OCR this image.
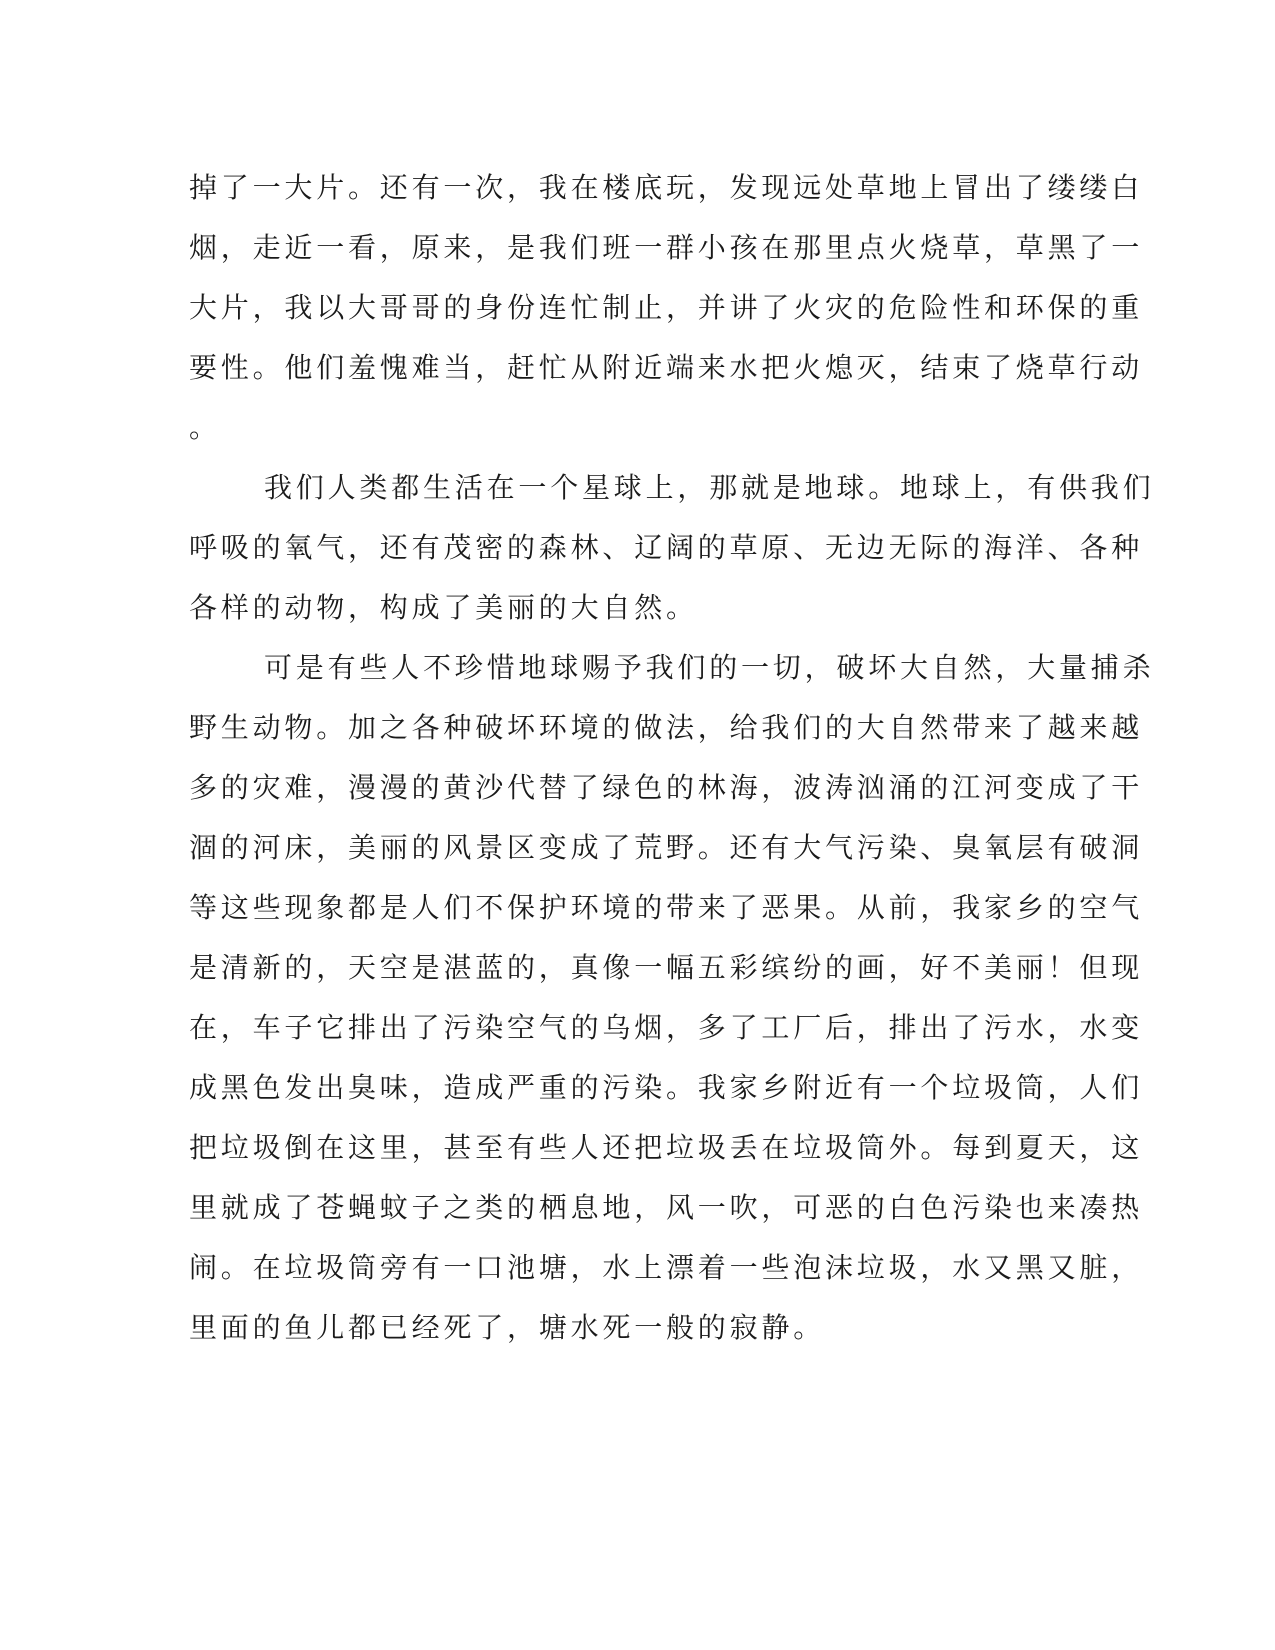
掉了一大片。还有一次，我在楼底玩，发现远处草地上冒出了缕缕白
烟，走近一看，原来，是我们班一群小孩在那里点火烧草，草黑了一
大片，我以大哥哥的身份连忙制止，并讲了火灾的危险性和环保的重
要性。他们羞愧难当，赶忙从附近端来水把火熄灭，结束了烧草行动
。
我们人类都生活在一个星球上，那就是地球。地球上，有供我们
呼吸的氧气，还有茂密的森林、辽阔的草原、无边无际的海洋、各种
各样的动物，构成了美丽的大自然。
可是有些人不珍惜地球赐予我们的一切，破坏大自然，大量捕杀
野生动物。加之各种破坏环境的做法，给我们的大自然带来了越来越
多的灾难，漫漫的黄沙代替了绿色的林海，波涛汹涌的江河变成了干
涸的河床，美丽的风景区变成了荒野。还有大气污染、臭氧层有破洞
等这些现象都是人们不保护环境的带来了恶果。从前，我家乡的空气
是清新的，天空是湛蓝的，真像一幅五彩缤纷的画，好不美丽！但现
在，车子它排出了污染空气的乌烟，多了工厂后，排出了污水，水变
成黑色发出臭味，造成严重的污染。我家乡附近有一个垃圾筒，人们
把垃圾倒在这里，甚至有些人还把垃圾丢在垃圾筒外。每到夏天，这
里就成了苍蝇蚊子之类的栖息地，风一吹，可恶的白色污染也来凑热
闹。在垃圾筒旁有一口池塘，水上漂着一些泡沫垃圾，水又黑又脏，
里面的鱼儿都已经死了，塘水死一般的寂静。
